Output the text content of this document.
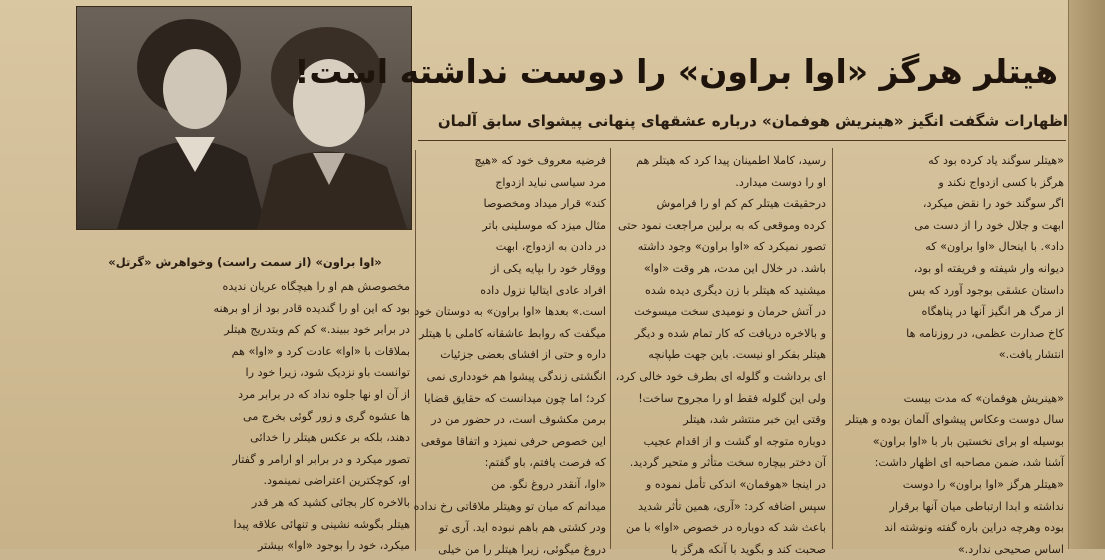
هیتلر هرگز «اوا براون» را دوست نداشته است!
اظهارات شگفت انگیز «هینریش هوفمان» درباره عشقهای پنهانی پیشوای سابق آلمان
«اوا براون» (از سمت راست) وخواهرش «گرتل»

«هیتلر سوگند یاد کرده بود که

هرگز با کسی ازدواج نکند و

اگر سوگند خود را نقض میکرد،

ابهت و جلال خود را از دست می

داد». با اینحال «اوا براون» که

دیوانه وار شیفته و فریفته او بود،

داستان عشقی بوجود آورد که بس

از مرگ هر انگیز آنها در پناهگاه

کاخ صدارت عظمی، در روزنامه ها

انتشار یافت.»

«هینریش هوفمان» که مدت بیست

سال دوست وعکاس پیشوای آلمان بوده و هیتلر

بوسیله او برای نخستین بار با «اوا براون»

آشنا شد، ضمن مصاحبه ای اظهار داشت:

«هیتلر هرگز «اوا براون» را دوست

نداشته و ابدا ارتباطی میان آنها برقرار

بوده وهرچه دراین باره گفته ونوشته اند

اساس صحیحی ندارد.»

رسید، کاملا اطمینان پیدا کرد که هیتلر هم

او را دوست میدارد.

درحقیقت هیتلر کم کم او را فراموش

کرده وموقعی که به برلین مراجعت نمود حتی

تصور نمیکرد که «اوا براون» وجود داشته

باشد. در خلال این مدت، هر وقت «اوا»

میشنید که هیتلر با زن دیگری دیده شده

در آتش حرمان و نومیدی سخت میسوخت

و بالاخره دریافت که کار تمام شده و دیگر

هیتلر بفکر او نیست. باین جهت طپانچه

ای برداشت و گلوله ای بطرف خود خالی کرد،

ولی این گلوله فقط او را مجروح ساخت!

وقتی این خبر منتشر شد، هیتلر

دوباره متوجه او گشت و از اقدام عجیب

آن دختر بیچاره سخت متأثر و متحیر گردید.

در اینجا «هوفمان» اندکی تأمل نموده و

سپس اضافه کرد: «آری، همین تأثر شدید

باعث شد که دوباره در خصوص «اوا» با من

صحبت کند و بگوید با آنکه هرگز با

فرضیه معروف خود که «هیچ

مرد سیاسی نباید ازدواج

کند» قرار میداد ومخصوصا

مثال میزد که موسلینی باتر

در دادن به ازدواج، ابهت

ووقار خود را بپایه یکی از

افراد عادی ایتالیا نزول داده

است.» بعدها «اوا براون» به دوستان خود

میگفت که روابط عاشقانه کاملی با هیتلر

داره و حتی از افشای بعضی جزئیات

انگشتی زندگی پیشوا هم خودداری نمی

کرد؛ اما چون میدانست که حقایق قضایا

برمن مکشوف است، در حضور من در

این خصوص حرفی نمیزد و اتفاقا موقعی

که فرصت یافتم، باو گفتم:

«اوا، آنقدر دروغ نگو. من

میدانم که میان تو وهیتلر ملاقاتی رخ نداده

ودر کشتی هم باهم نبوده اید. آری تو

دروغ میگوئی، زیرا هیتلر را من خیلی

مخصوصش هم او را هیچگاه عریان ندیده

بود که این او را گندیده قادر بود از او برهنه

در برابر خود ببیند.» کم کم وبتدریج هیتلر

بملاقات با «اوا» عادت کرد و «اوا» هم

توانست باو نزدیک شود، زیرا خود را

از آن او نها جلوه نداد که در برابر مرد

ها عشوه گری و زور گوئی بخرج می‌

دهند، بلکه بر عکس هیتلر را خدائی

تصور میکرد و در برابر او ارامر و گفتار

او، کوچکترین اعتراضی نمینمود.

بالاخره کار بجائی کشید که هر قدر

هیتلر بگوشه نشینی و تنهائی علاقه پیدا

میکرد، خود را بوجود «اوا» بیشتر
